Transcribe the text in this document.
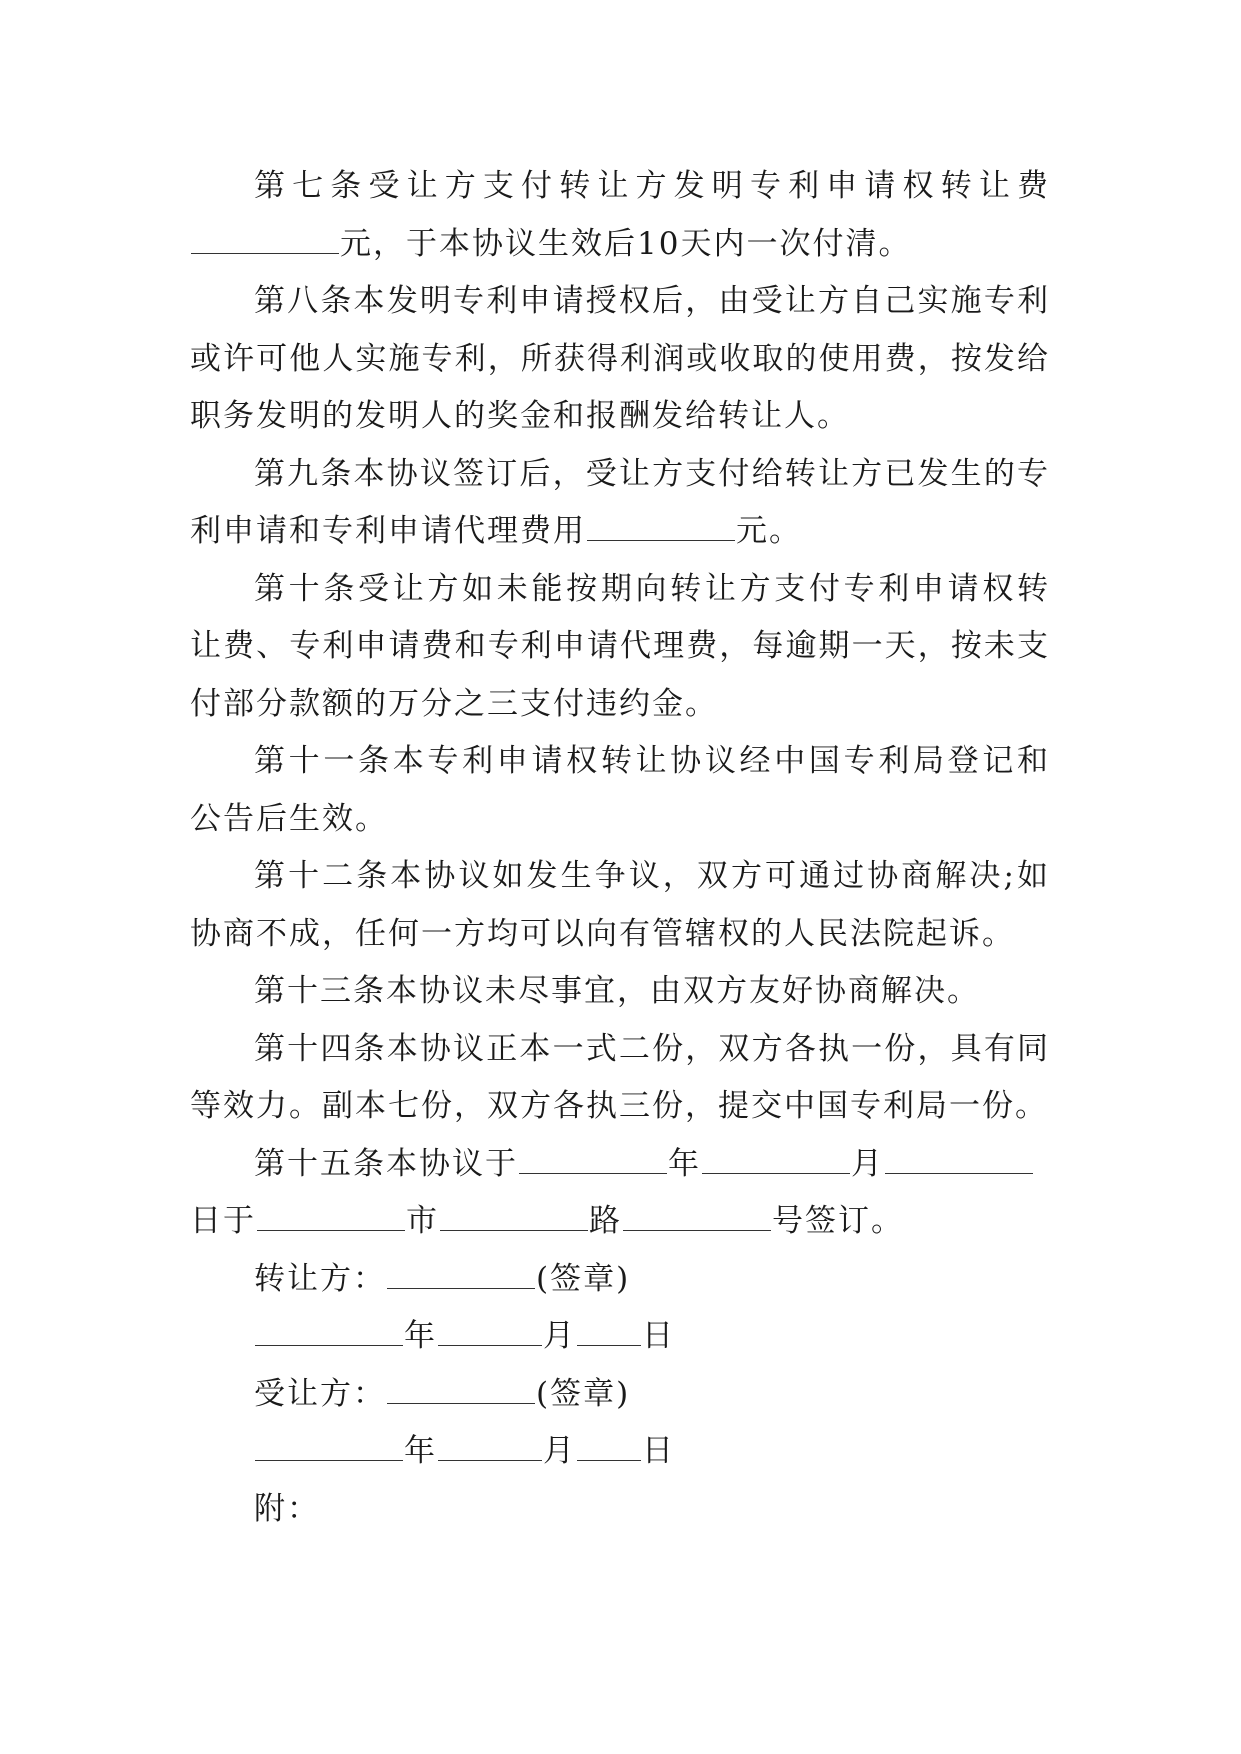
第七条受让方支付转让方发明专利申请权转让费
元，于本协议生效后10天内一次付清。
第八条本发明专利申请授权后，由受让方自己实施专利
或许可他人实施专利，所获得利润或收取的使用费，按发给
职务发明的发明人的奖金和报酬发给转让人。
第九条本协议签订后，受让方支付给转让方已发生的专
利申请和专利申请代理费用	元。
第十条受让方如未能按期向转让方支付专利申请权转
让费、专利申请费和专利申请代理费，每逾期一天，按未支
付部分款额的万分之三支付违约金。
第十一条本专利申请权转让协议经中国专利局登记和
公告后生效。
第十二条本协议如发生争议，双方可通过协商解决;如
协商不成，任何一方均可以向有管辖权的人民法院起诉。
第十三条本协议未尽事宜，由双方友好协商解决。
第十四条本协议正本一式二份，双方各执一份，具有同
等效力。副本七份，双方各执三份，提交中国专利局一份。
第十五条本协议于	年	月
日于	市	路	号签订。
转让方：	(签章)
年	月 日
受让方：	(签章)
年	月 日
附：
